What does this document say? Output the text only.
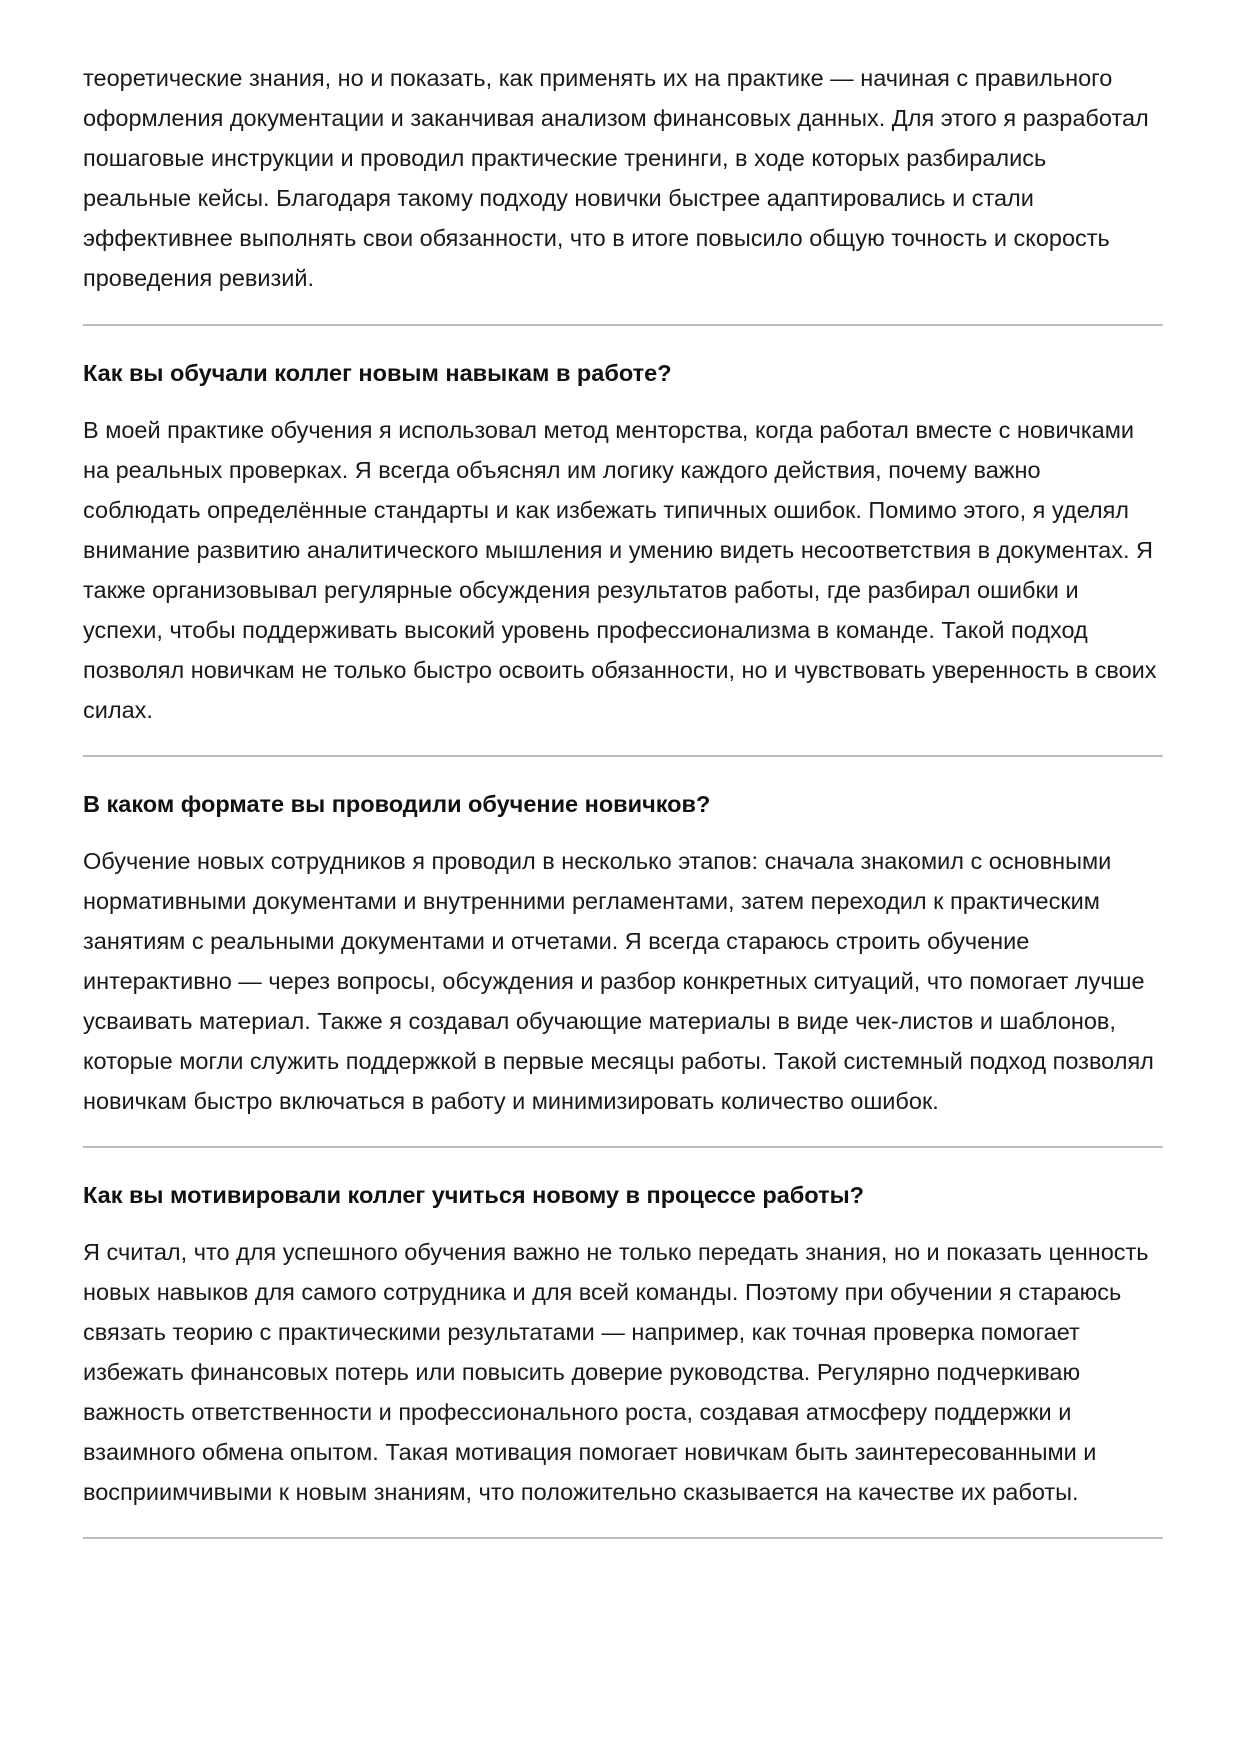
теоретические знания, но и показать, как применять их на практике — начиная с правильного оформления документации и заканчивая анализом финансовых данных. Для этого я разработал пошаговые инструкции и проводил практические тренинги, в ходе которых разбирались реальные кейсы. Благодаря такому подходу новички быстрее адаптировались и стали эффективнее выполнять свои обязанности, что в итоге повысило общую точность и скорость проведения ревизий.

Как вы обучали коллег новым навыкам в работе?

В моей практике обучения я использовал метод менторства, когда работал вместе с новичками на реальных проверках. Я всегда объяснял им логику каждого действия, почему важно соблюдать определённые стандарты и как избежать типичных ошибок. Помимо этого, я уделял внимание развитию аналитического мышления и умению видеть несоответствия в документах. Я также организовывал регулярные обсуждения результатов работы, где разбирал ошибки и успехи, чтобы поддерживать высокий уровень профессионализма в команде. Такой подход позволял новичкам не только быстро освоить обязанности, но и чувствовать уверенность в своих силах.

В каком формате вы проводили обучение новичков?

Обучение новых сотрудников я проводил в несколько этапов: сначала знакомил с основными нормативными документами и внутренними регламентами, затем переходил к практическим занятиям с реальными документами и отчетами. Я всегда стараюсь строить обучение интерактивно — через вопросы, обсуждения и разбор конкретных ситуаций, что помогает лучше усваивать материал. Также я создавал обучающие материалы в виде чек-листов и шаблонов, которые могли служить поддержкой в первые месяцы работы. Такой системный подход позволял новичкам быстро включаться в работу и минимизировать количество ошибок.

Как вы мотивировали коллег учиться новому в процессе работы?

Я считал, что для успешного обучения важно не только передать знания, но и показать ценность новых навыков для самого сотрудника и для всей команды. Поэтому при обучении я стараюсь связать теорию с практическими результатами — например, как точная проверка помогает избежать финансовых потерь или повысить доверие руководства. Регулярно подчеркиваю важность ответственности и профессионального роста, создавая атмосферу поддержки и взаимного обмена опытом. Такая мотивация помогает новичкам быть заинтересованными и восприимчивыми к новым знаниям, что положительно сказывается на качестве их работы.
